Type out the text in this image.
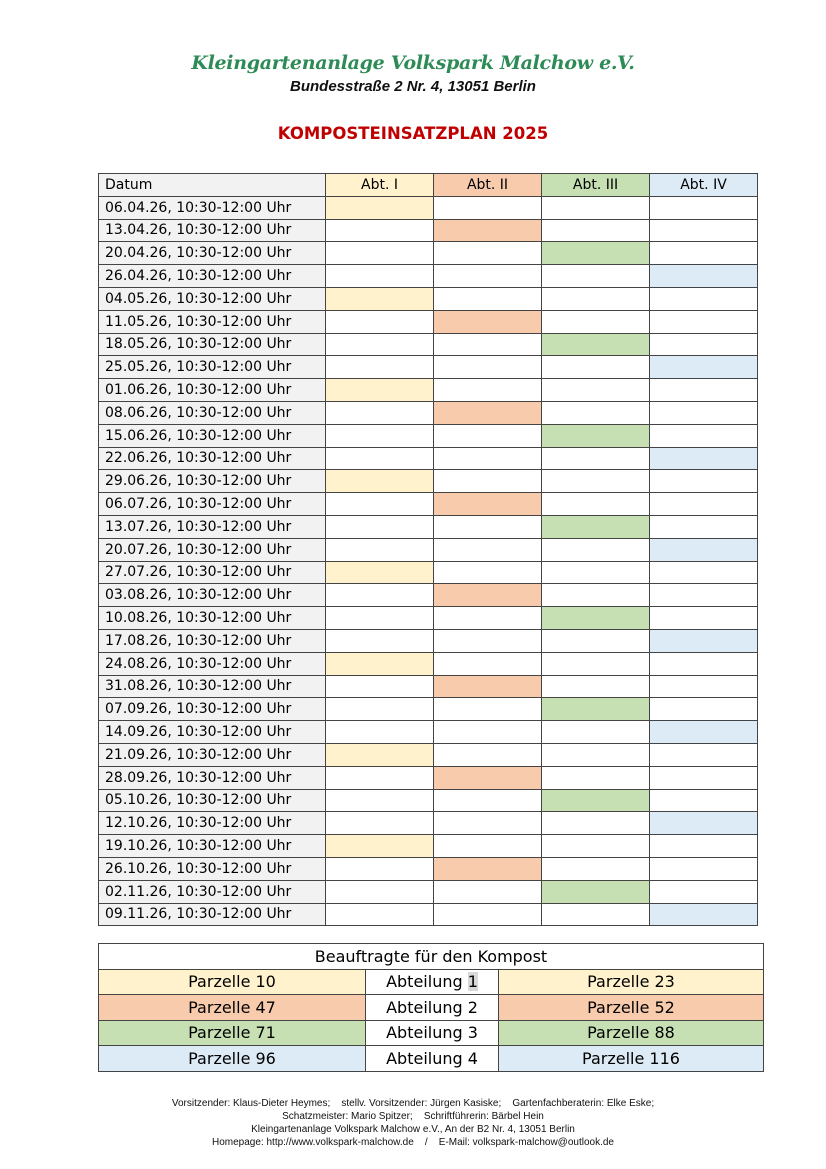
Kleingartenanlage Volkspark Malchow e.V.
Bundesstraße 2 Nr. 4, 13051 Berlin
KOMPOSTEINSATZPLAN 2025
Datum	Abt. I	Abt. II	Abt. III	Abt. IV
06.04.26, 10:30-12:00 Uhr				
13.04.26, 10:30-12:00 Uhr				
20.04.26, 10:30-12:00 Uhr				
26.04.26, 10:30-12:00 Uhr				
04.05.26, 10:30-12:00 Uhr				
11.05.26, 10:30-12:00 Uhr				
18.05.26, 10:30-12:00 Uhr				
25.05.26, 10:30-12:00 Uhr				
01.06.26, 10:30-12:00 Uhr				
08.06.26, 10:30-12:00 Uhr				
15.06.26, 10:30-12:00 Uhr				
22.06.26, 10:30-12:00 Uhr				
29.06.26, 10:30-12:00 Uhr				
06.07.26, 10:30-12:00 Uhr				
13.07.26, 10:30-12:00 Uhr				
20.07.26, 10:30-12:00 Uhr				
27.07.26, 10:30-12:00 Uhr				
03.08.26, 10:30-12:00 Uhr				
10.08.26, 10:30-12:00 Uhr				
17.08.26, 10:30-12:00 Uhr				
24.08.26, 10:30-12:00 Uhr				
31.08.26, 10:30-12:00 Uhr				
07.09.26, 10:30-12:00 Uhr				
14.09.26, 10:30-12:00 Uhr				
21.09.26, 10:30-12:00 Uhr				
28.09.26, 10:30-12:00 Uhr				
05.10.26, 10:30-12:00 Uhr				
12.10.26, 10:30-12:00 Uhr				
19.10.26, 10:30-12:00 Uhr				
26.10.26, 10:30-12:00 Uhr				
02.11.26, 10:30-12:00 Uhr				
09.11.26, 10:30-12:00 Uhr				
Beauftragte für den Kompost		
Parzelle 10	Abteilung 1	Parzelle 23
Parzelle 47	Abteilung 2	Parzelle 52
Parzelle 71	Abteilung 3	Parzelle 88
Parzelle 96	Abteilung 4	Parzelle 116
Vorsitzender: Klaus-Dieter Heymes;    stellv. Vorsitzender: Jürgen Kasiske;    Gartenfachberaterin: Elke Eske;
Schatzmeister: Mario Spitzer;    Schriftführerin: Bärbel Hein
Kleingartenanlage Volkspark Malchow e.V., An der B2 Nr. 4, 13051 Berlin
Homepage: http://www.volkspark-malchow.de    /    E-Mail: volkspark-malchow@outlook.de
